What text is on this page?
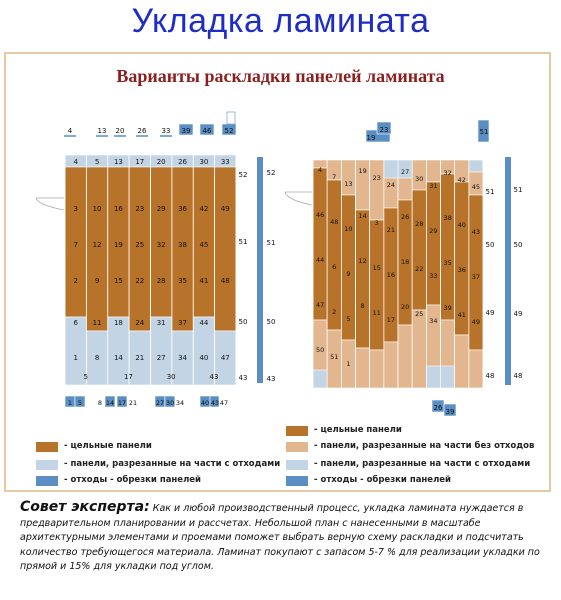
Укладка ламината
Варианты раскладки панелей ламината
4	13 20 26 33 39 46 52
4 5 13 17 20 26 30 33
3 10 16 23 29 36 42 49
7 12 19 25 32 38 45
2 9 15 22 28 35 41 48
6 11 18 24 31 37 44
1 8 14 21 27 34 40 47
5	17	30	43
52
51
50
43
52
51
50
43
1 5 8 14 17 21	27 30 34	40 43 47
19
23	51
4
7
13
19
23
24
27
30
31
32
42
45
46
48
10
14
3
21
26
28
29
38
40
43
44
6
9
12
15
16
18
22
33
35
36
37
47
2
5
8
11
17
20
25
34
39
41
49
50
51
1
51
50
49
48
51
50
49
48
26 39
- цельные панели
- панели, разрезанные на части с отходами
- отходы - обрезки панелей
- цельные панели
- панели, разрезанные на части без отходов
- панели, разрезанные на части с отходами
- отходы - обрезки панелей
Совет эксперта: Как и любой производственный процесс, укладка ламината нуждается в предварительном планировании и рассчетах. Небольшой план с нанесенными в масштабе архитектурными элементами и проемами поможет выбрать верную схему раскладки и подсчитать количество требующегося материала. Ламинат покупают с запасом 5-7 % для реализации укладки по прямой и 15% для укладки под углом.
